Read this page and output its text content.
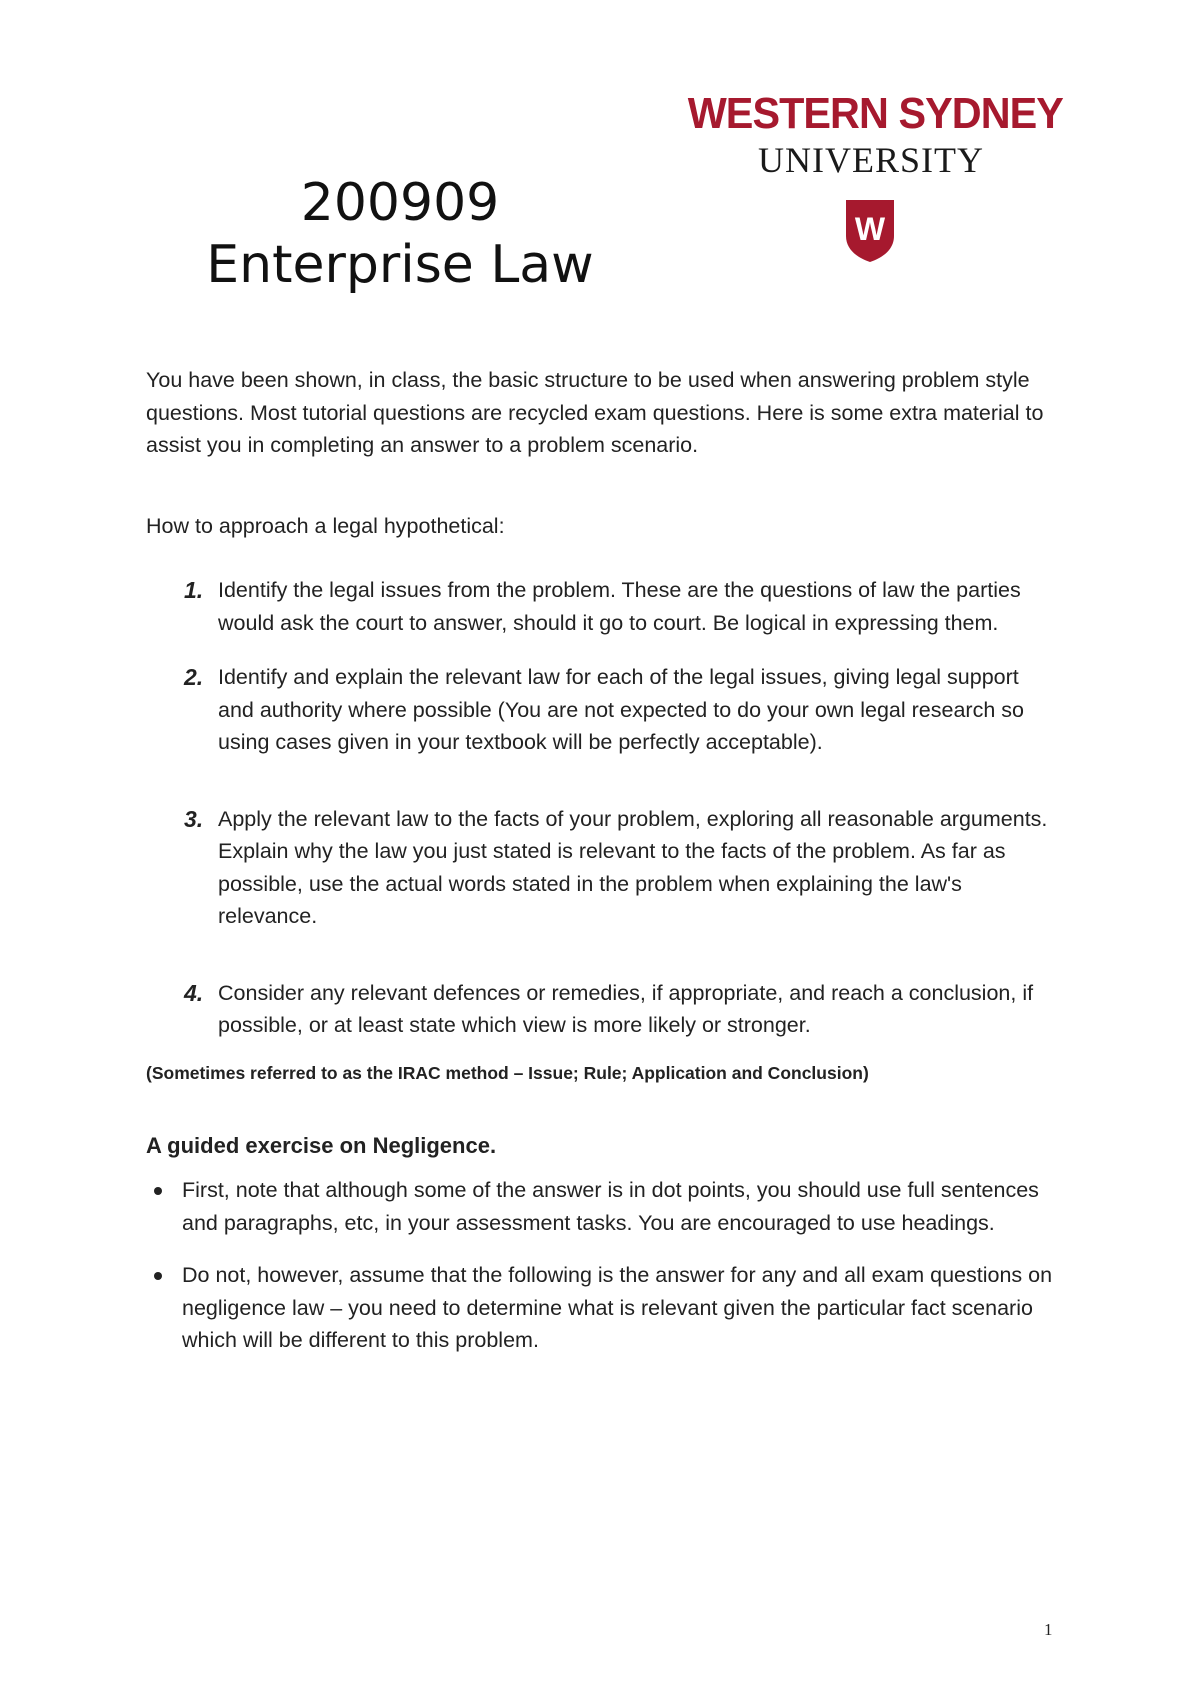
200909
Enterprise Law
WESTERN SYDNEY
UNIVERSITY
W

You have been shown, in class, the basic structure to be used when answering problem style questions. Most tutorial questions are recycled exam questions. Here is some extra material to assist you in completing an answer to a problem scenario.

How to approach a legal hypothetical:

1. Identify the legal issues from the problem. These are the questions of law the parties would ask the court to answer, should it go to court. Be logical in expressing them.
2. Identify and explain the relevant law for each of the legal issues, giving legal support and authority where possible (You are not expected to do your own legal research so using cases given in your textbook will be perfectly acceptable).
3. Apply the relevant law to the facts of your problem, exploring all reasonable arguments. Explain why the law you just stated is relevant to the facts of the problem. As far as possible, use the actual words stated in the problem when explaining the law's relevance.
4. Consider any relevant defences or remedies, if appropriate, and reach a conclusion, if possible, or at least state which view is more likely or stronger.

(Sometimes referred to as the IRAC method – Issue; Rule; Application and Conclusion)

A guided exercise on Negligence.

First, note that although some of the answer is in dot points, you should use full sentences and paragraphs, etc, in your assessment tasks. You are encouraged to use headings.
Do not, however, assume that the following is the answer for any and all exam questions on negligence law – you need to determine what is relevant given the particular fact scenario which will be different to this problem.
1
